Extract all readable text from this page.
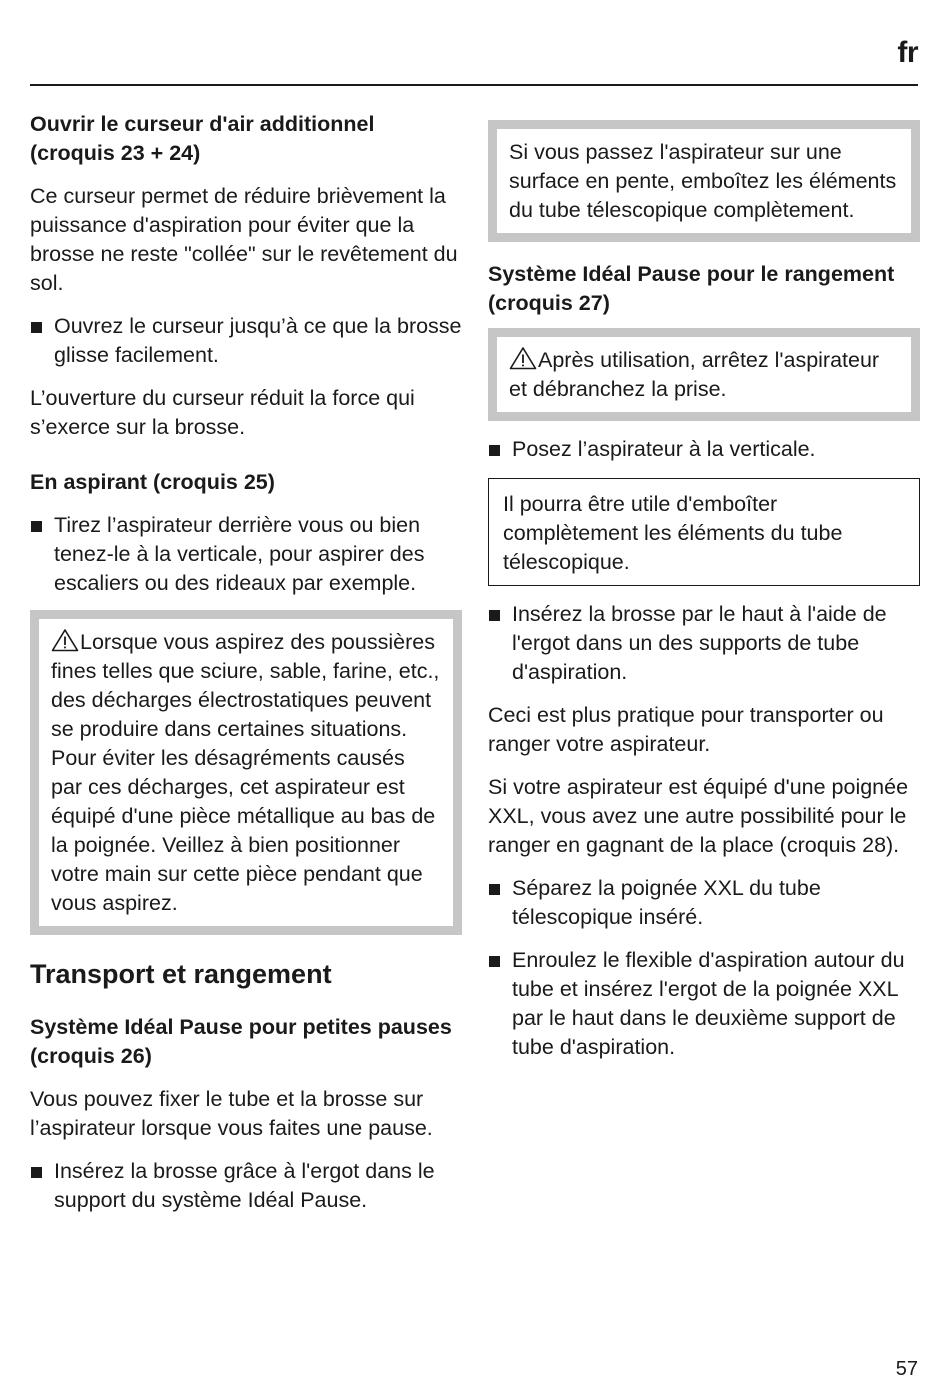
fr

Ouvrir le curseur d'air additionnel (croquis 23 + 24)

Ce curseur permet de réduire brièvement la puissance d'aspiration pour éviter que la brosse ne reste "collée" sur le revêtement du sol.

Ouvrez le curseur jusqu’à ce que la brosse glisse facilement.

L’ouverture du curseur réduit la force qui s’exerce sur la brosse.

En aspirant (croquis 25)

Tirez l’aspirateur derrière vous ou bien tenez-le à la verticale, pour aspirer des escaliers ou des rideaux par exemple.
Lorsque vous aspirez des poussières fines telles que sciure, sable, farine, etc., des décharges électrostatiques peuvent se produire dans certaines situations. Pour éviter les désagréments causés par ces décharges, cet aspirateur est équipé d'une pièce métallique au bas de la poignée. Veillez à bien positionner votre main sur cette pièce pendant que vous aspirez.

Transport et rangement

Système Idéal Pause pour petites pauses (croquis 26)

Vous pouvez fixer le tube et la brosse sur l’aspirateur lorsque vous faites une pause.

Insérez la brosse grâce à l'ergot dans le support du système Idéal Pause.
Si vous passez l'aspirateur sur une surface en pente, emboîtez les éléments du tube télescopique complètement.

Système Idéal Pause pour le rangement (croquis 27)

Après utilisation, arrêtez l'aspirateur et débranchez la prise.
Posez l’aspirateur à la verticale.
Il pourra être utile d'emboîter complètement les éléments du tube télescopique.
Insérez la brosse par le haut à l'aide de l'ergot dans un des supports de tube d'aspiration.

Ceci est plus pratique pour transporter ou ranger votre aspirateur.

Si votre aspirateur est équipé d'une poignée XXL, vous avez une autre possibilité pour le ranger en gagnant de la place (croquis 28).

Séparez la poignée XXL du tube télescopique inséré.
Enroulez le flexible d'aspiration autour du tube et insérez l'ergot de la poignée XXL par le haut dans le deuxième support de tube d'aspiration.
57
